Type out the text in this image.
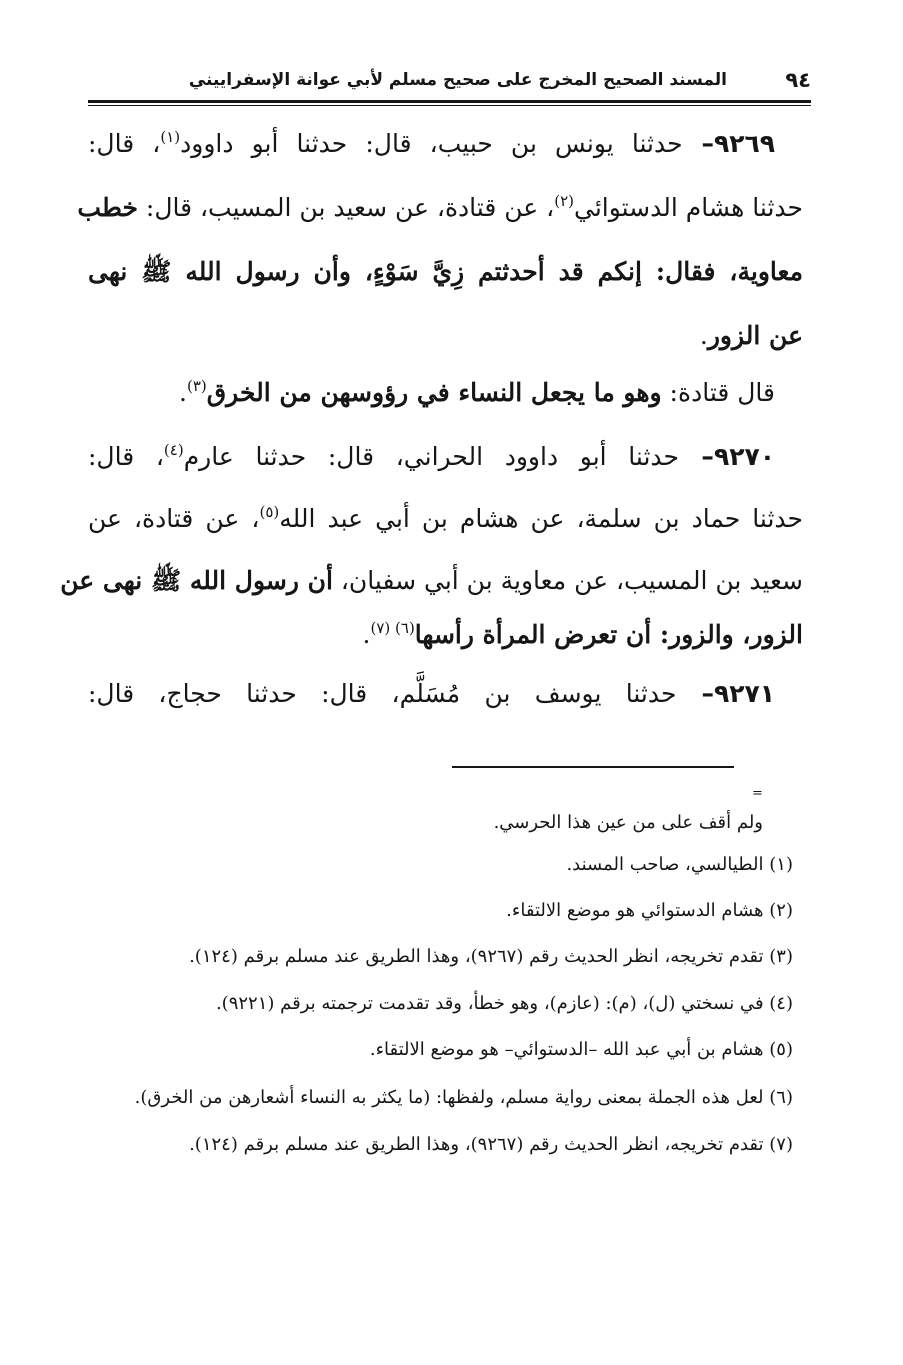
٩٤
المسند الصحيح المخرج على صحيح مسلم لأبي عوانة الإسفراييني
٩٢٦٩– حدثنا يونس بن حبيب، قال: حدثنا أبو داوود$^{(١)}$، قال:
حدثنا هشام الدستوائي$^{(٢)}$، عن قتادة، عن سعيد بن المسيب، قال: خطب
معاوية، فقال: إنكم قد أحدثتم زِيَّ سَوْءٍ، وأن رسول الله ﷺ نهى
عن الزور.
قال قتادة: وهو ما يجعل النساء في رؤوسهن من الخرق$^{(٣)}$.
٩٢٧٠– حدثنا أبو داوود الحراني، قال: حدثنا عارم$^{(٤)}$، قال:
حدثنا حماد بن سلمة، عن هشام بن أبي عبد الله$^{(٥)}$، عن قتادة، عن
سعيد بن المسيب، عن معاوية بن أبي سفيان، أن رسول الله ﷺ نهى عن
الزور، والزور: أن تعرض المرأة رأسها$^{(٦) (٧)}$.
٩٢٧١– حدثنا يوسف بن مُسَلَّم، قال: حدثنا حجاج، قال:
=
ولم أقف على من عين هذا الحرسي.
(١) الطيالسي، صاحب المسند.
(٢) هشام الدستوائي هو موضع الالتقاء.
(٣) تقدم تخريجه، انظر الحديث رقم (٩٢٦٧)، وهذا الطريق عند مسلم برقم (١٢٤).
(٤) في نسختي (ل)، (م): (عازم)، وهو خطأ، وقد تقدمت ترجمته برقم (٩٢٢١).
(٥) هشام بن أبي عبد الله –الدستوائي– هو موضع الالتقاء.
(٦) لعل هذه الجملة بمعنى رواية مسلم، ولفظها: (ما يكثر به النساء أشعارهن من الخرق).
(٧) تقدم تخريجه، انظر الحديث رقم (٩٢٦٧)، وهذا الطريق عند مسلم برقم (١٢٤).
